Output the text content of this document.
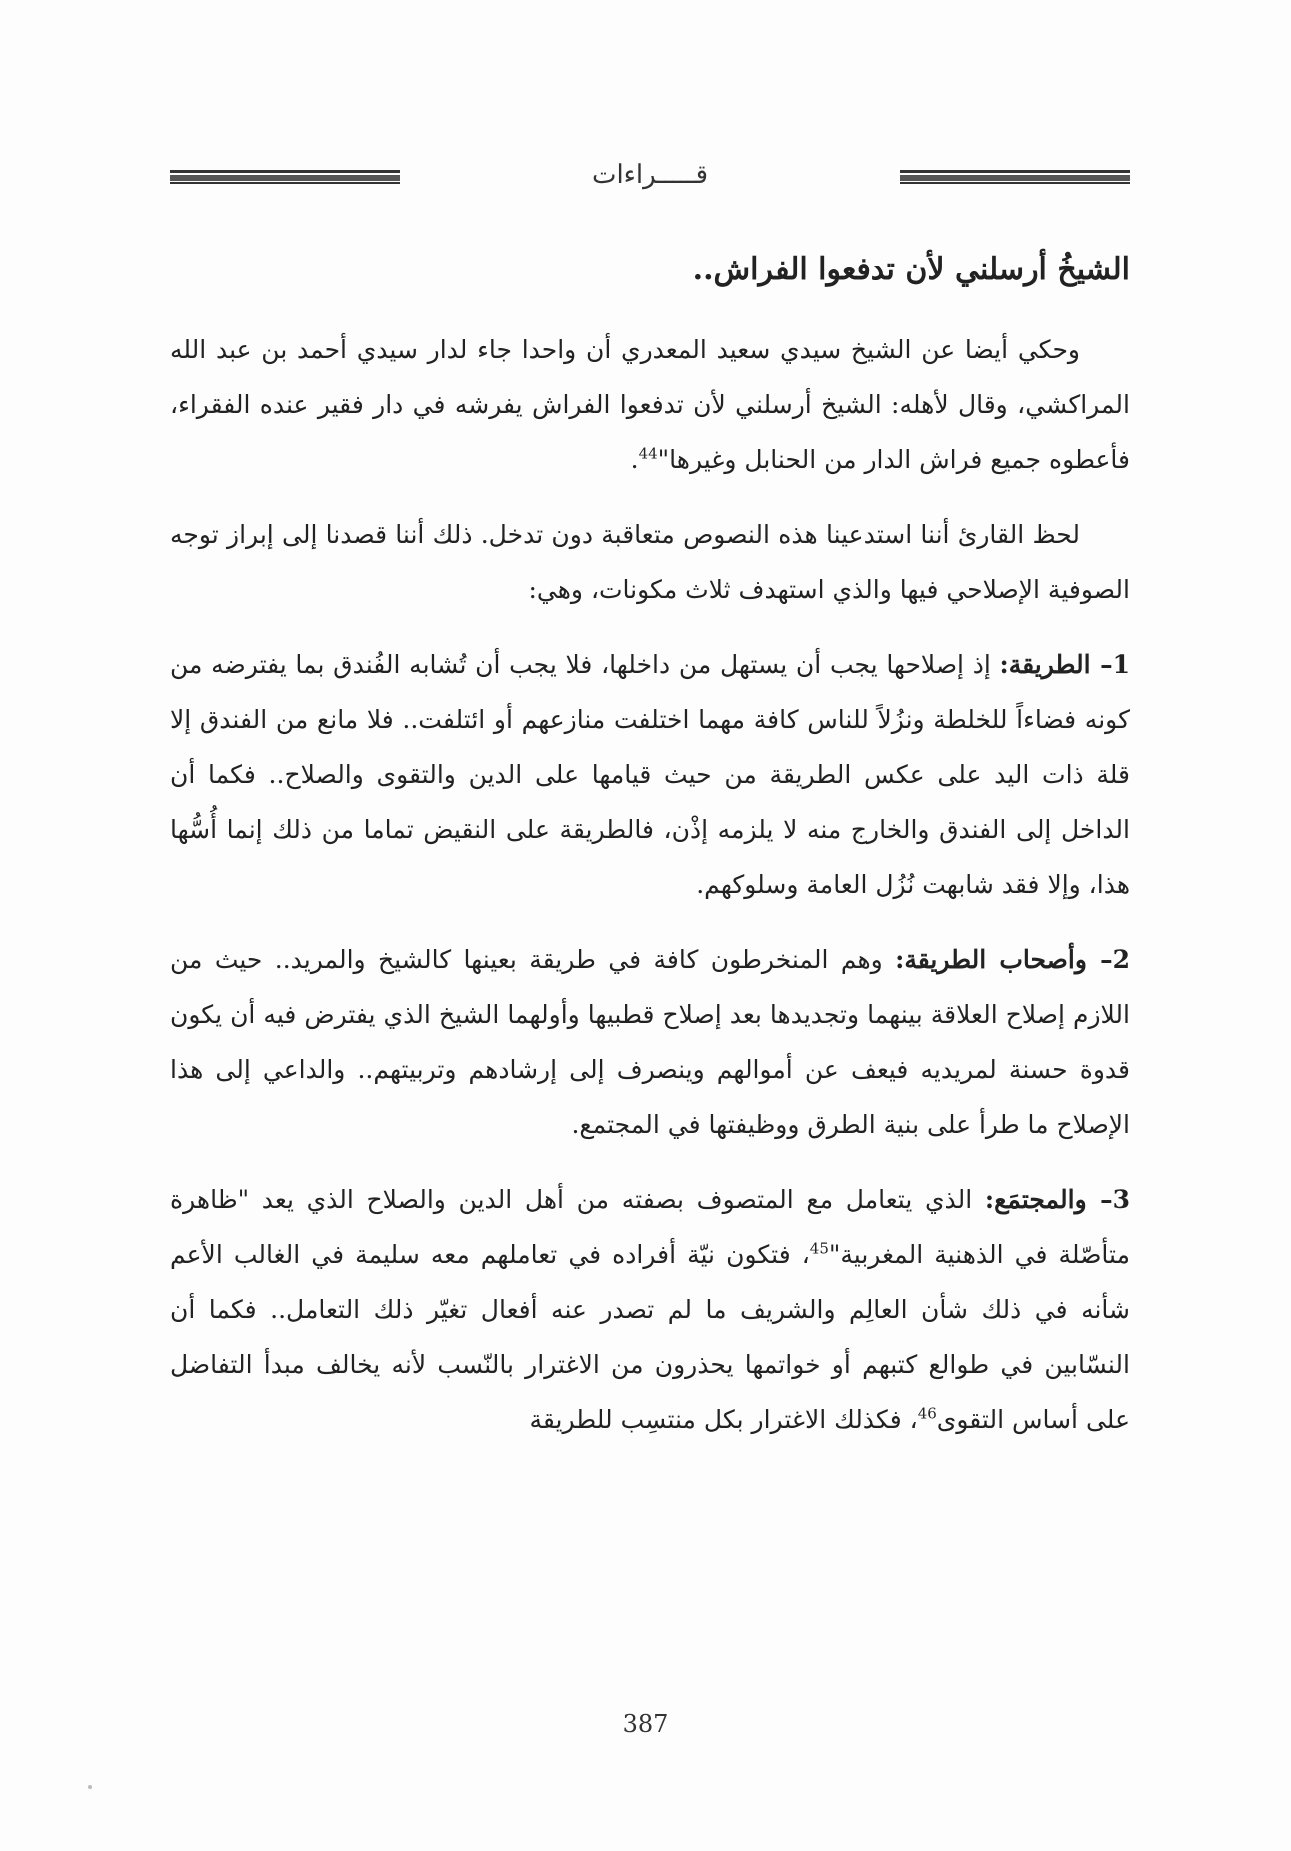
قـــــراءات
الشيخُ أرسلني لأن تدفعوا الفراش..

وحكي أيضا عن الشيخ سيدي سعيد المعدري أن واحدا جاء لدار سيدي أحمد بن عبد الله المراكشي، وقال لأهله: الشيخ أرسلني لأن تدفعوا الفراش يفرشه في دار فقير عنده الفقراء، فأعطوه جميع فراش الدار من الحنابل وغيرها"$^{44}$.

لحظ القارئ أننا استدعينا هذه النصوص متعاقبة دون تدخل. ذلك أننا قصدنا إلى إبراز توجه الصوفية الإصلاحي فيها والذي استهدف ثلاث مكونات، وهي:

1– الطريقة: إذ إصلاحها يجب أن يستهل من داخلها، فلا يجب أن تُشابه الفُندق بما يفترضه من كونه فضاءاً للخلطة ونزُلاً للناس كافة مهما اختلفت منازعهم أو ائتلفت.. فلا مانع من الفندق إلا قلة ذات اليد على عكس الطريقة من حيث قيامها على الدين والتقوى والصلاح.. فكما أن الداخل إلى الفندق والخارج منه لا يلزمه إذْن، فالطريقة على النقيض تماما من ذلك إنما أُسُّها هذا، وإلا فقد شابهت نُزُل العامة وسلوكهم.

2– وأصحاب الطريقة: وهم المنخرطون كافة في طريقة بعينها كالشيخ والمريد.. حيث من اللازم إصلاح العلاقة بينهما وتجديدها بعد إصلاح قطبيها وأولهما الشيخ الذي يفترض فيه أن يكون قدوة حسنة لمريديه فيعف عن أموالهم وينصرف إلى إرشادهم وتربيتهم.. والداعي إلى هذا الإصلاح ما طرأ على بنية الطرق ووظيفتها في المجتمع.

3– والمجتمَع: الذي يتعامل مع المتصوف بصفته من أهل الدين والصلاح الذي يعد "ظاهرة متأصّلة في الذهنية المغربية"$^{45}$، فتكون نيّة أفراده في تعاملهم معه سليمة في الغالب الأعم شأنه في ذلك شأن العالِم والشريف ما لم تصدر عنه أفعال تغيّر ذلك التعامل.. فكما أن النسّابين في طوالع كتبهم أو خواتمها يحذرون من الاغترار بالنّسب لأنه يخالف مبدأ التفاضل على أساس التقوى$^{46}$، فكذلك الاغترار بكل منتسِب للطريقة

387
